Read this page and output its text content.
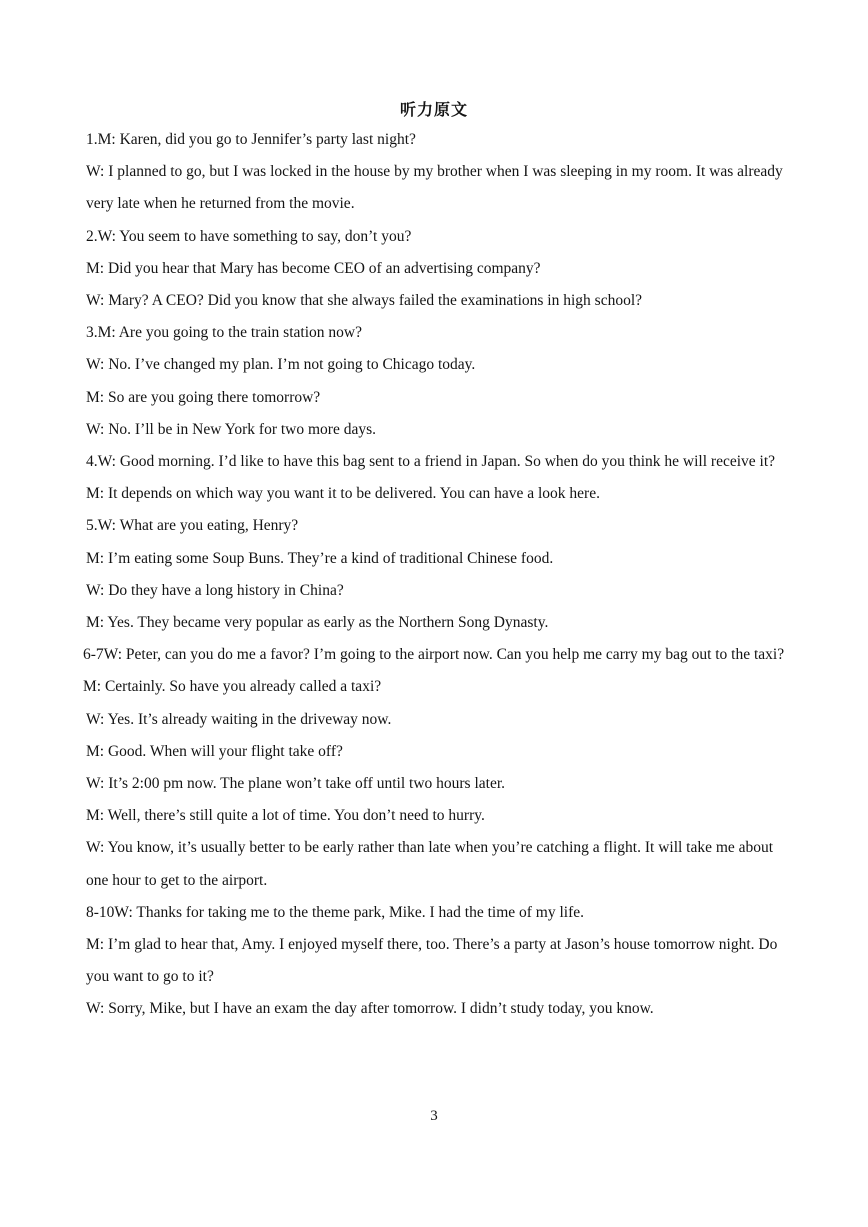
听力原文

1.M: Karen, did you go to Jennifer’s party last night?

W: I planned to go, but I was locked in the house by my brother when I was sleeping in my room. It was already very late when he returned from the movie.

2.W: You seem to have something to say, don’t you?

M: Did you hear that Mary has become CEO of an advertising company?

W: Mary? A CEO? Did you know that she always failed the examinations in high school?

3.M: Are you going to the train station now?

W: No. I’ve changed my plan. I’m not going to Chicago today.

M: So are you going there tomorrow?

W: No. I’ll be in New York for two more days.

4.W: Good morning. I’d like to have this bag sent to a friend in Japan. So when do you think he will receive it?

M: It depends on which way you want it to be delivered. You can have a look here.

5.W: What are you eating, Henry?

M: I’m eating some Soup Buns. They’re a kind of traditional Chinese food.

W: Do they have a long history in China?

M: Yes. They became very popular as early as the Northern Song Dynasty.

6-7W: Peter, can you do me a favor? I’m going to the airport now. Can you help me carry my bag out to the taxi?

M: Certainly. So have you already called a taxi?

W: Yes. It’s already waiting in the driveway now.

M: Good. When will your flight take off?

W: It’s 2:00 pm now. The plane won’t take off until two hours later.

M: Well, there’s still quite a lot of time. You don’t need to hurry.

W: You know, it’s usually better to be early rather than late when you’re catching a flight. It will take me about one hour to get to the airport.

8-10W: Thanks for taking me to the theme park, Mike. I had the time of my life.

M: I’m glad to hear that, Amy. I enjoyed myself there, too. There’s a party at Jason’s house tomorrow night. Do you want to go to it?

W: Sorry, Mike, but I have an exam the day after tomorrow. I didn’t study today, you know.

3
